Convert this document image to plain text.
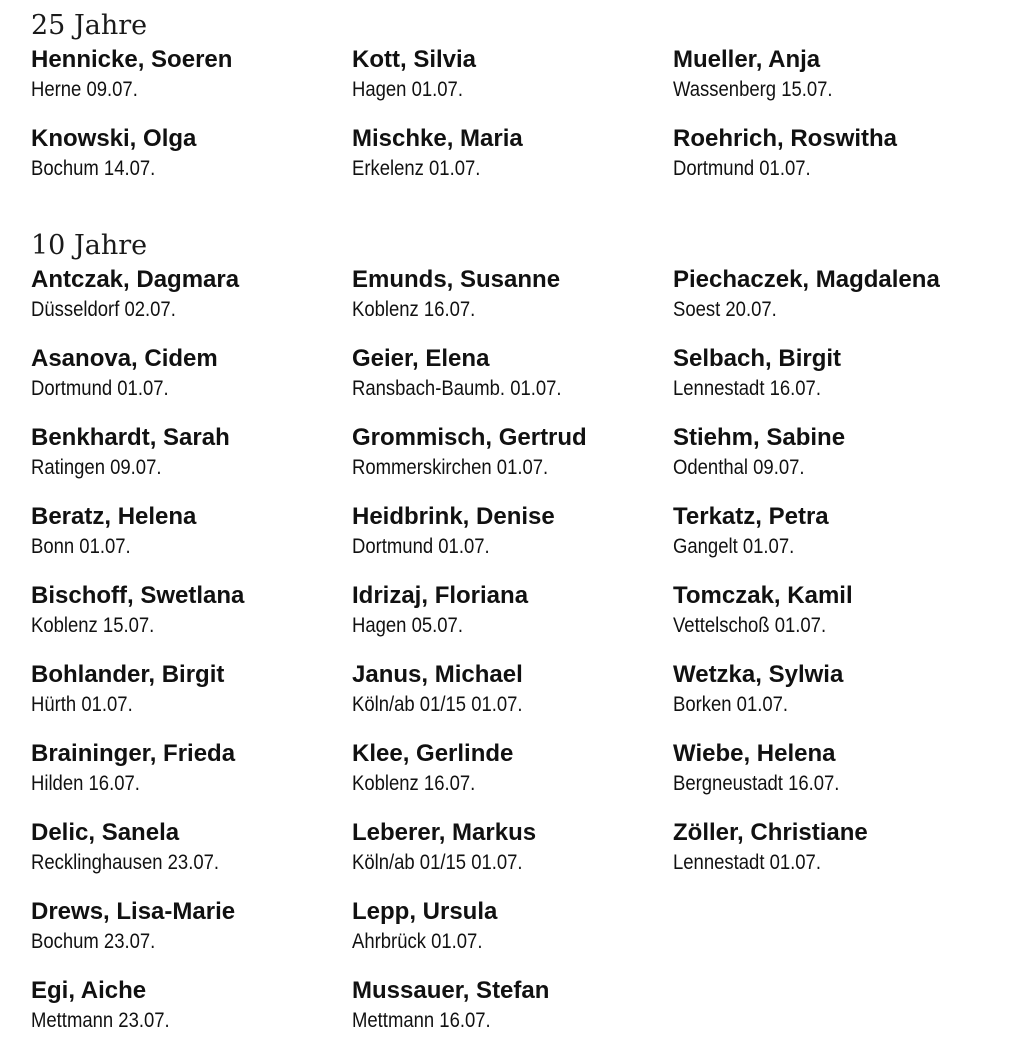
25 Jahre
Hennicke, Soeren
Herne 09.07.
Knowski, Olga
Bochum 14.07.
Kott, Silvia
Hagen 01.07.
Mischke, Maria
Erkelenz 01.07.
Mueller, Anja
Wassenberg 15.07.
Roehrich, Roswitha
Dortmund 01.07.
10 Jahre
Antczak, Dagmara
Düsseldorf 02.07.
Asanova, Cidem
Dortmund 01.07.
Benkhardt, Sarah
Ratingen 09.07.
Beratz, Helena
Bonn 01.07.
Bischoff, Swetlana
Koblenz 15.07.
Bohlander, Birgit
Hürth 01.07.
Braininger, Frieda
Hilden 16.07.
Delic, Sanela
Recklinghausen 23.07.
Drews, Lisa-Marie
Bochum 23.07.
Egi, Aiche
Mettmann 23.07.
Emunds, Susanne
Koblenz 16.07.
Geier, Elena
Ransbach-Baumb. 01.07.
Grommisch, Gertrud
Rommerskirchen 01.07.
Heidbrink, Denise
Dortmund 01.07.
Idrizaj, Floriana
Hagen 05.07.
Janus, Michael
Köln/ab 01/15 01.07.
Klee, Gerlinde
Koblenz 16.07.
Leberer, Markus
Köln/ab 01/15 01.07.
Lepp, Ursula
Ahrbrück 01.07.
Mussauer, Stefan
Mettmann 16.07.
Piechaczek, Magdalena
Soest 20.07.
Selbach, Birgit
Lennestadt 16.07.
Stiehm, Sabine
Odenthal 09.07.
Terkatz, Petra
Gangelt 01.07.
Tomczak, Kamil
Vettelschoß 01.07.
Wetzka, Sylwia
Borken 01.07.
Wiebe, Helena
Bergneustadt 16.07.
Zöller, Christiane
Lennestadt 01.07.
